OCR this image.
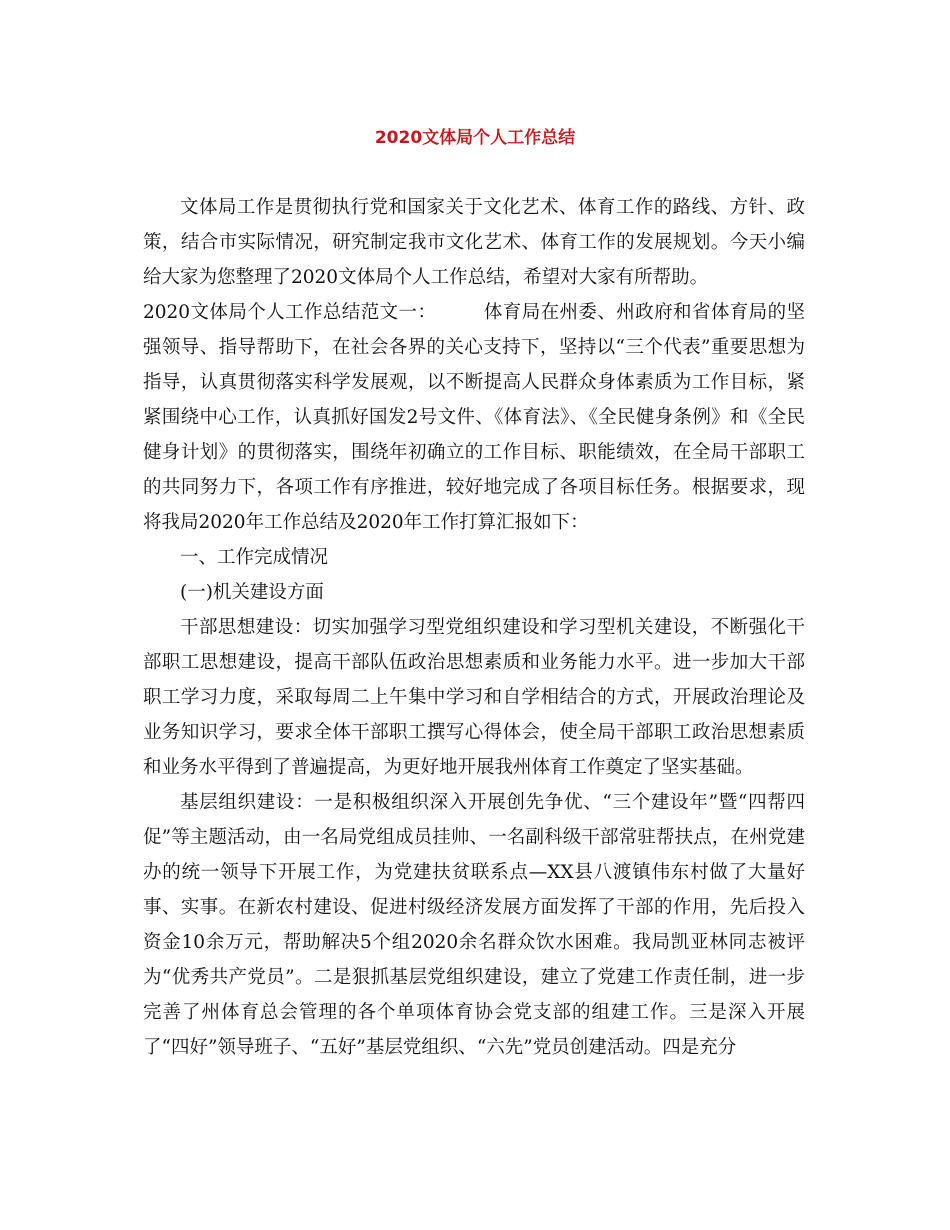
2020文体局个人工作总结

文体局工作是贯彻执行党和国家关于文化艺术、体育工作的路线、方针、政策，结合市实际情况，研究制定我市文化艺术、体育工作的发展规划。今天小编给大家为您整理了2020文体局个人工作总结，希望对大家有所帮助。

2020文体局个人工作总结范文一：　　　体育局在州委、州政府和省体育局的坚强领导、指导帮助下，在社会各界的关心支持下，坚持以“三个代表”重要思想为指导，认真贯彻落实科学发展观，以不断提高人民群众身体素质为工作目标，紧紧围绕中心工作，认真抓好国发2号文件、《体育法》、《全民健身条例》和《全民健身计划》的贯彻落实，围绕年初确立的工作目标、职能绩效，在全局干部职工的共同努力下，各项工作有序推进，较好地完成了各项目标任务。根据要求，现将我局2020年工作总结及2020年工作打算汇报如下：

一、工作完成情况

(一)机关建设方面

干部思想建设：切实加强学习型党组织建设和学习型机关建设，不断强化干部职工思想建设，提高干部队伍政治思想素质和业务能力水平。进一步加大干部职工学习力度，采取每周二上午集中学习和自学相结合的方式，开展政治理论及业务知识学习，要求全体干部职工撰写心得体会，使全局干部职工政治思想素质和业务水平得到了普遍提高，为更好地开展我州体育工作奠定了坚实基础。

基层组织建设：一是积极组织深入开展创先争优、“三个建设年”暨“四帮四促”等主题活动，由一名局党组成员挂帅、一名副科级干部常驻帮扶点，在州党建办的统一领导下开展工作，为党建扶贫联系点—XX县八渡镇伟东村做了大量好事、实事。在新农村建设、促进村级经济发展方面发挥了干部的作用，先后投入资金10余万元，帮助解决5个组2020余名群众饮水困难。我局凯亚林同志被评为“优秀共产党员”。二是狠抓基层党组织建设，建立了党建工作责任制，进一步完善了州体育总会管理的各个单项体育协会党支部的组建工作。三是深入开展了“四好”领导班子、“五好”基层党组织、“六先”党员创建活动。四是充分
